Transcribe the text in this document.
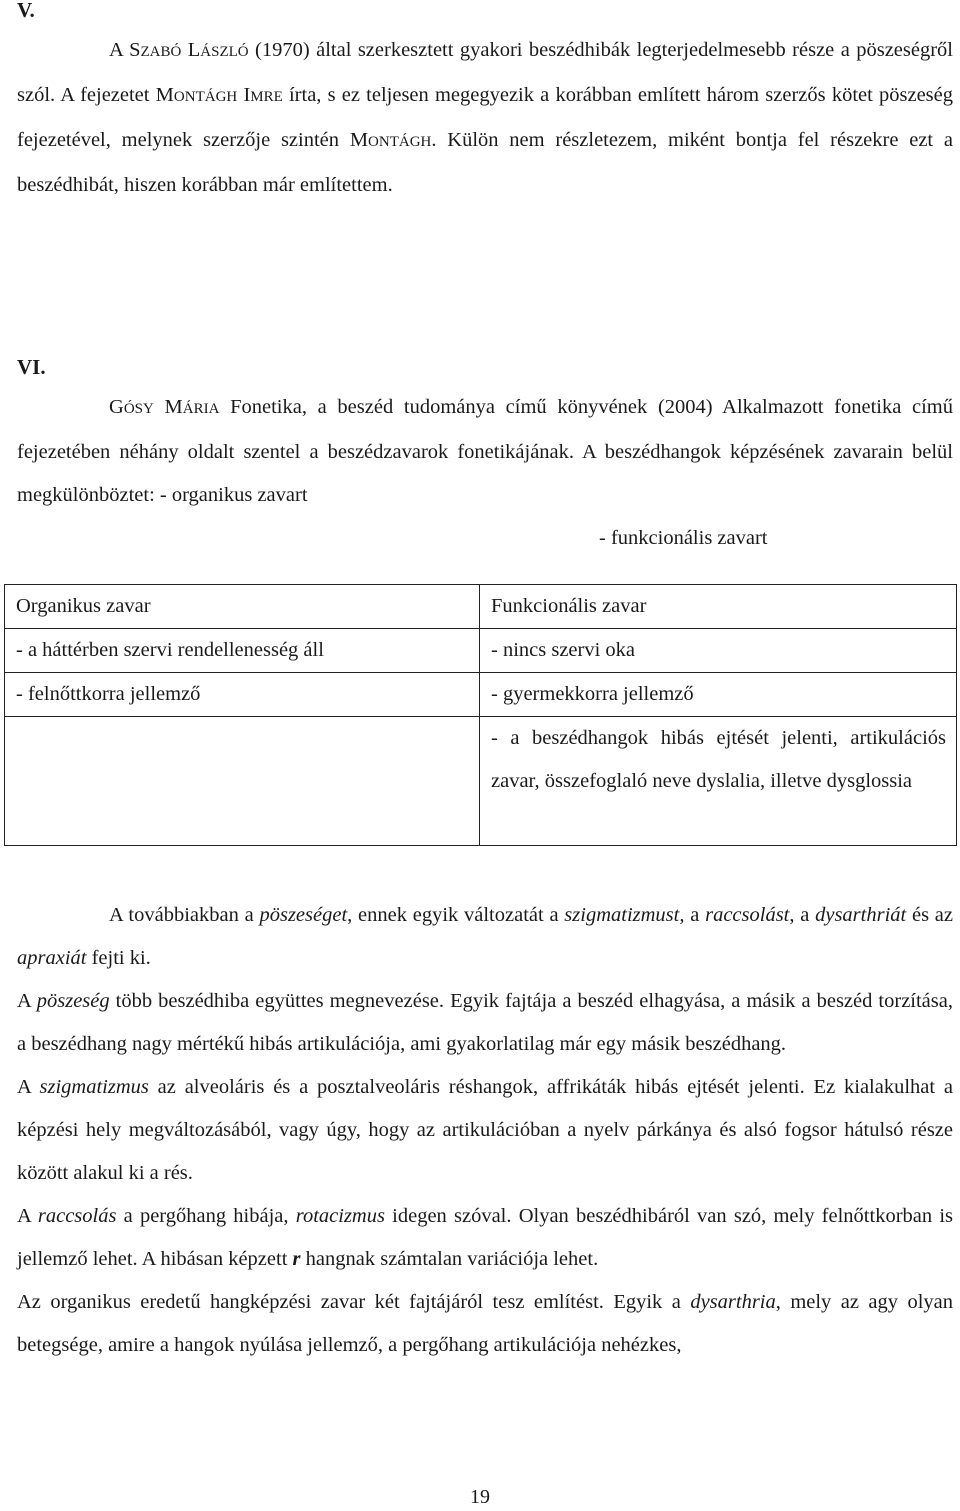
V.

A SZABÓ LÁSZLÓ (1970) által szerkesztett gyakori beszédhibák legterjedelmesebb része a pöszeségről szól. A fejezetet MONTÁGH IMRE írta, s ez teljesen megegyezik a korábban említett három szerzős kötet pöszeség fejezetével, melynek szerzője szintén MONTÁGH. Külön nem részletezem, miként bontja fel részekre ezt a beszédhibát, hiszen korábban már említettem.

VI.

GÓSY MÁRIA Fonetika, a beszéd tudománya című könyvének (2004) Alkalmazott fonetika című fejezetében néhány oldalt szentel a beszédzavarok fonetikájának. A beszédhangok képzésének zavarain belül megkülönböztet: - organikus zavart

- funkcionális zavart
Organikus zavar	Funkcionális zavar
- a háttérben szervi rendellenesség áll	- nincs szervi oka
- felnőttkorra jellemző	- gyermekkorra jellemző
	- a beszédhangok hibás ejtését jelenti, artikulációs zavar, összefoglaló neve dyslalia, illetve dysglossia

A továbbiakban a pöszeséget, ennek egyik változatát a szigmatizmust, a raccsolást, a dysarthriát és az apraxiát fejti ki.

A pöszeség több beszédhiba együttes megnevezése. Egyik fajtája a beszéd elhagyása, a másik a beszéd torzítása, a beszédhang nagy mértékű hibás artikulációja, ami gyakorlatilag már egy másik beszédhang.

A szigmatizmus az alveoláris és a posztalveoláris réshangok, affrikáták hibás ejtését jelenti. Ez kialakulhat a képzési hely megváltozásából, vagy úgy, hogy az artikulációban a nyelv párkánya és alsó fogsor hátulsó része között alakul ki a rés.

A raccsolás a pergőhang hibája, rotacizmus idegen szóval. Olyan beszédhibáról van szó, mely felnőttkorban is jellemző lehet. A hibásan képzett r hangnak számtalan variációja lehet.

Az organikus eredetű hangképzési zavar két fajtájáról tesz említést. Egyik a dysarthria, mely az agy olyan betegsége, amire a hangok nyúlása jellemző, a pergőhang artikulációja nehézkes,

19
